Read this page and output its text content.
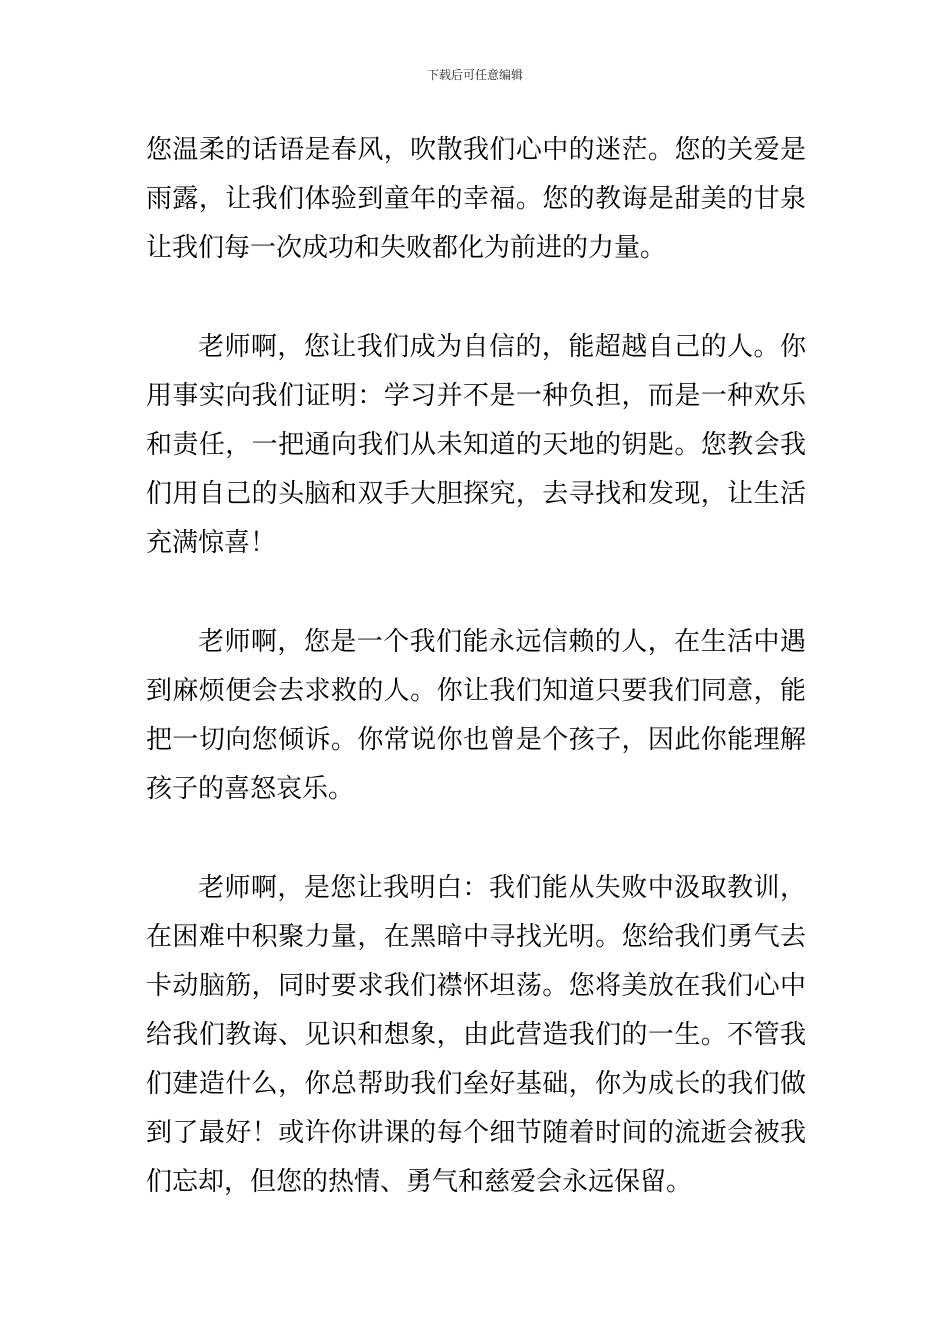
下载后可任意编辑

您温柔的话语是春风，吹散我们心中的迷茫。您的关爱是雨露，让我们体验到童年的幸福。您的教诲是甜美的甘泉让我们每一次成功和失败都化为前进的力量。

老师啊，您让我们成为自信的，能超越自己的人。你用事实向我们证明：学习并不是一种负担，而是一种欢乐和责任，一把通向我们从未知道的天地的钥匙。您教会我们用自己的头脑和双手大胆探究，去寻找和发现，让生活充满惊喜！

老师啊，您是一个我们能永远信赖的人，在生活中遇到麻烦便会去求救的人。你让我们知道只要我们同意，能把一切向您倾诉。你常说你也曾是个孩子，因此你能理解孩子的喜怒哀乐。

老师啊，是您让我明白：我们能从失败中汲取教训，在困难中积聚力量，在黑暗中寻找光明。您给我们勇气去卡动脑筋，同时要求我们襟怀坦荡。您将美放在我们心中给我们教诲、见识和想象，由此营造我们的一生。不管我们建造什么，你总帮助我们垒好基础，你为成长的我们做到了最好！或许你讲课的每个细节随着时间的流逝会被我们忘却，但您的热情、勇气和慈爱会永远保留。
